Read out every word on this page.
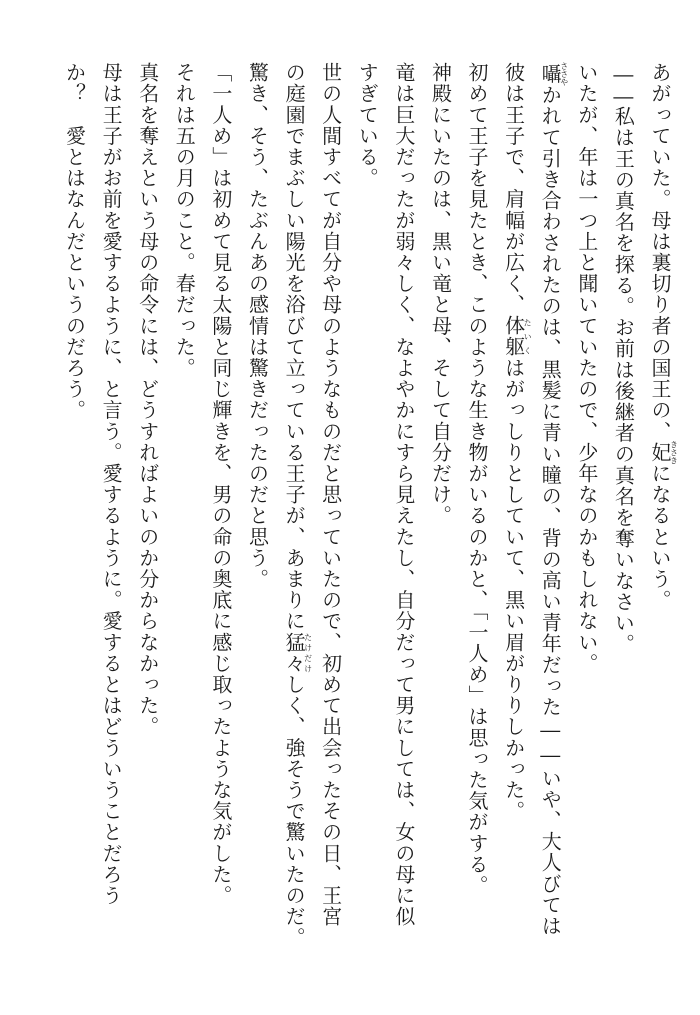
あがっていた。母は裏切り者の国王の、妃きさきになるという。
――私は王の真名を探る。お前は後継者の真名を奪いなさい。
いたが、年は一つ上と聞いていたので、少年なのかもしれない。
囁ささやかれて引き合わされたのは、黒髪に青い瞳の、背の高い青年だった――いや、大人びては
彼は王子で、肩幅が広く、体躯たいくはがっしりとしていて、黒い眉がりりしかった。
初めて王子を見たとき、このような生き物がいるのかと、「一人め」は思った気がする。
神殿にいたのは、黒い竜と母、そして自分だけ。
竜は巨大だったが弱々しく、なよやかにすら見えたし、自分だって男にしては、女の母に似
すぎている。
世の人間すべてが自分や母のようなものだと思っていたので、初めて出会ったその日、王宮
の庭園でまぶしい陽光を浴びて立っている王子が、あまりに猛々たけだけしく、強そうで驚いたのだ。
驚き、そう、たぶんあの感情は驚きだったのだと思う。
「一人め」は初めて見る太陽と同じ輝きを、男の命の奥底に感じ取ったような気がした。
それは五の月のこと。春だった。
真名を奪えという母の命令には、どうすればよいのか分からなかった。
母は王子がお前を愛するように、と言う。愛するように。愛するとはどういうことだろう
か？　愛とはなんだというのだろう。
